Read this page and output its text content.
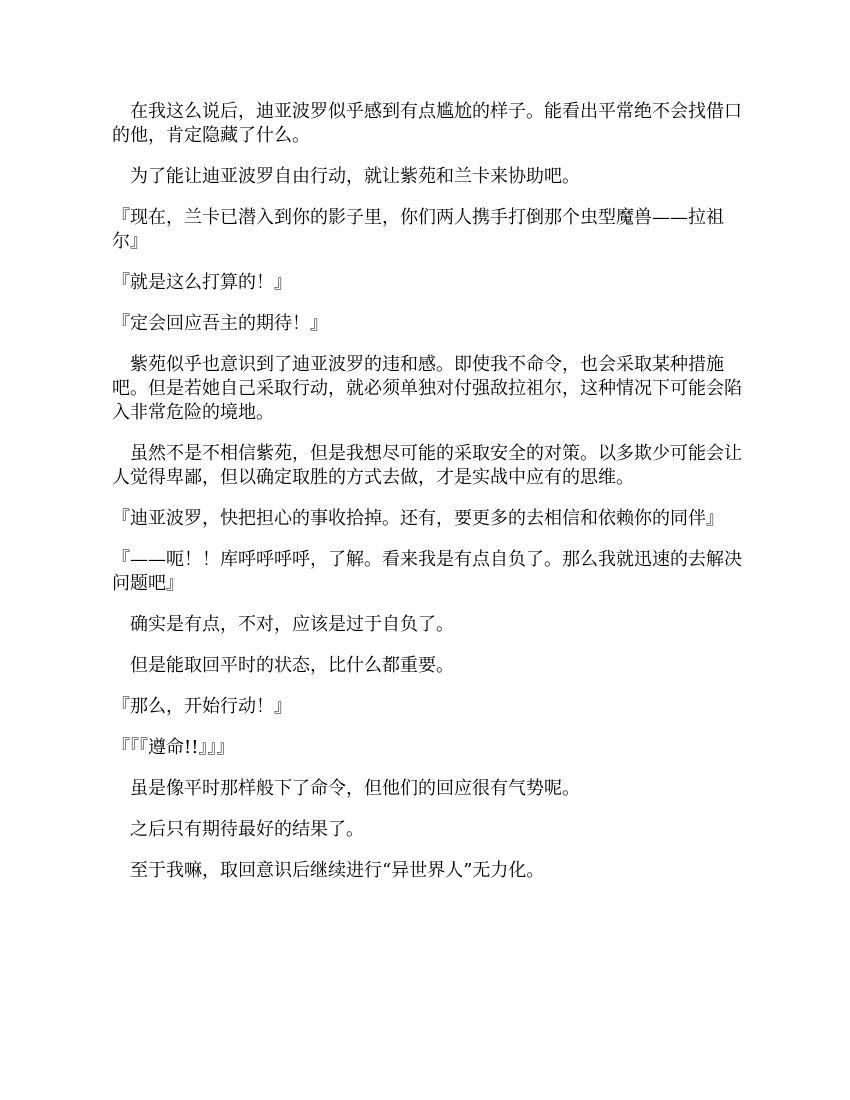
　在我这么说后，迪亚波罗似乎感到有点尴尬的样子。能看出平常绝不会找借口的他，肯定隐藏了什么。

　为了能让迪亚波罗自由行动，就让紫苑和兰卡来协助吧。

『现在，兰卡已潜入到你的影子里，你们两人携手打倒那个虫型魔兽——拉祖尔』

『就是这么打算的！』

『定会回应吾主的期待！』

　紫苑似乎也意识到了迪亚波罗的违和感。即使我不命令，也会采取某种措施吧。但是若她自己采取行动，就必须单独对付强敌拉祖尔，这种情况下可能会陷入非常危险的境地。

　虽然不是不相信紫苑，但是我想尽可能的采取安全的对策。以多欺少可能会让人觉得卑鄙，但以确定取胜的方式去做，才是实战中应有的思维。

『迪亚波罗，快把担心的事收拾掉。还有，要更多的去相信和依赖你的同伴』

『——呃！！库呼呼呼呼，了解。看来我是有点自负了。那么我就迅速的去解决问题吧』

　确实是有点，不对，应该是过于自负了。

　但是能取回平时的状态，比什么都重要。

『那么，开始行动！』

『『『遵命!!』』』

　虽是像平时那样般下了命令，但他们的回应很有气势呢。

　之后只有期待最好的结果了。

　至于我嘛，取回意识后继续进行“异世界人”无力化。
